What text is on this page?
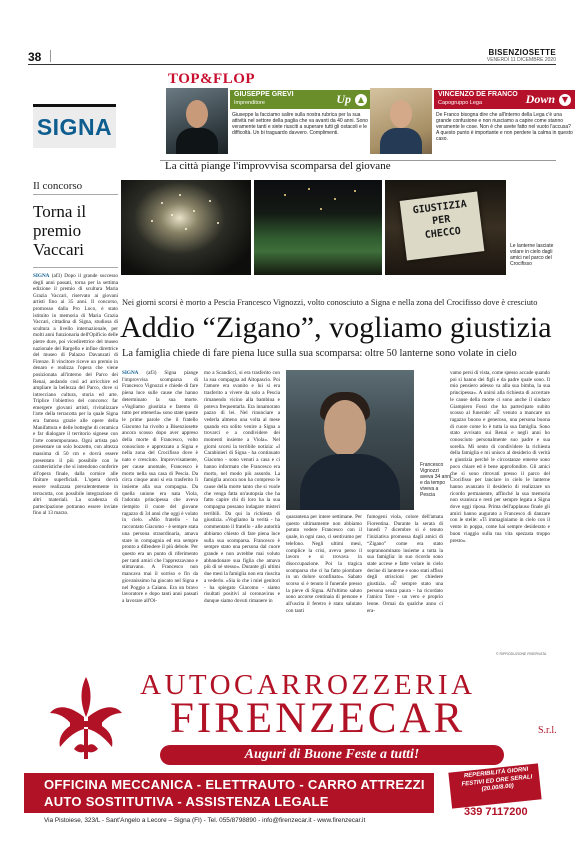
38	BISENZIOSETTE
VENERDÌ 11 DICEMBRE 2020
SIGNA
TOP&FLOP
GIUSEPPE GREVI
Imprenditore	Up ▲
Giuseppe la facciamo salire sulla nostra rubrica per la sua attività nel settore della paglia che va avanti da 40 anni. Sono veramente tanti e siete riusciti a superare tutti gli ostacoli e le difficoltà. Un bi traguardo davvero. Complimenti.
VINCENZO DE FRANCO
Capogruppo Lega	Down ▼
De Franco bisogna dire che all'interno della Lega c'è una grande confusione e non riusciamo a capire come stanno veramente le cose. Non è che avete fatto nel vuoto l'accusa? A questo punto è importante e non perdere la calma in questo caso.
La città piange l'improvvisa scomparsa del giovane
Il concorso
Torna il premio Vaccari
SIGNA (af3) Dopo il grande successo degli anni passati, torna per la settima edizione il premio di scultura Maria Grazia Vaccari, riservato ai giovani artisti fino ai 35 anni. Il concorso, promosso dalla Pro Loco, è stato istituito in memoria di Maria Grazia Vaccari, cittadina di Signa, studiosa di scultura a livello internazionale, per molti anni funzionaria dell'Opificio delle pietre dure, poi vicedirettrice del museo nazionale del Bargello e infine direttrice del museo di Palazzo Davanzati di Firenze. Il vincitore riceve un premio in denaro e realizza l'opera che viene posizionata all'interno del Parco dei Renai, andando così ad arricchire ed ampliare la bellezza del Parco, dove si intrecciano cultura, storia ed arte. Triplice l'obiettivo del concorso: far emergere giovani artisti, rivitalizzare l'arte della terracotta per la quale Signa era famosa grazie alle opere della Manifattura e delle botteghe di ceramica e far dialogare il territorio signese con l'arte contemporanea. Ogni artista può presentare un solo bozzetto, con altezza massima di 50 cm e dovrà essere presentato il più possibile con le caratteristiche che si intendono conferire all'opera finale, dalla cornice alle finiture superficiali. L'opera dovrà essere realizzata prevalentemente in terracotta, con possibile integrazione di altri materiali. La scadenza di partecipazione potranno essere inviate fino al 13 marzo.
GIUSTIZIA
PER
CHECCO
Le lanterne lasciate volare in cielo dagli amici nel parco del Crocifisso
Nei giorni scorsi è morto a Pescia Francesco Vignozzi, volto conosciuto a Signa e nella zona del Crocifisso dove è cresciuto
Addio “Zigano”, vogliamo giustizia
La famiglia chiede di fare piena luce sulla sua scomparsa: oltre 50 lanterne sono volate in cielo
SIGNA (af3) Signa piange l'improvvisa scomparsa di Francesco Vignozzi e chiede di fare piena luce sulle cause che hanno determinato la sua morte. «Vogliamo giustizia e faremo di tutto per ottenerla» sono state queste le prime parole che il fratello Giacomo ha rivolto a Bisenziosette ancora scosso dopo aver appreso della morte di Francesco, volto conosciuto e apprezzato a Signa e nella zona del Crocifisso dove è nato e cresciuto. Improvvisamente, per cause anomale, Francesco è morto nella sua casa di Pescia. Da circa cinque anni si era trasferito lì insieme alla sua compagna. Da quella unione era nata Viola, l'adorata principessa che aveva riempito il cuore del giovane ragazzo di 34 anni che oggi è volato in cielo. «Mio fratello - ha raccontato Giacomo - è sempre stata una persona straordinaria, amava stare in compagnia ed era sempre pronto a difendere il più debole. Per questo era un punto di riferimento per tanti amici che l'apprezzavano e stimavano. A Francesco non mancava mai il sorriso e fin da giovanissimo ha giocato nel Signa e nel Poggio a Caiano. Era un bravo lavoratore e dopo tanti anni passati a lavorare all'Ol-
mo a Scandicci, si era trasferito con la sua compagna ad Altopascio. Poi l'amore era svanito e lui si era trasferito a vivere da solo a Pescia rimanendo vicino alla bambina e poteva frequentarla. Era innamorato pazzo di lei. Nel rinunciare a vederla almeno una volta al mese quando era solito venire a Signa a trovarci e a condividere dei momenti insieme a Viola». Nel giorni scorsi la terribile notizia: «I Carabinieri di Signa - ha continuato Giacomo - sono venuti a casa e ci hanno informato che Francesco era morto, nel modo più assurdo. La famiglia ancora non ha compreso le cause della morte tanto che si vuole che venga fatta un'autopsia che ha fatto capire chi di loro ha la sua compagna possano indagare misteri terribili. Da qui la richiesta di giustizia. «Vogliamo la verità - ha commentato il fratello - alle autorità abbiamo chiesto di fare piena luce sulla sua scomparsa. Francesco è sempre stato una persona dal cuore grande e non avrebbe mai voluto abbandonare sua figlia che amava più di sé stesso». Durante gli ultimi due mesi la famiglia non era riuscita a vederlo. «Sia io che i miei genitori - ha spiegato Giacomo - siamo risultati positivi al coronavirus e dunque siamo dovuti rimanere in
Francesco Vignozzi aveva 34 anni e da tempo viveva a Pescia
quarantena per intere settimane. Per questo ultimamente non abbiamo potuto vedere Francesco con il quale, in ogni caso, ci sentivamo per telefono. Negli ultimi mesi, complice la crisi, aveva perso il lavoro e si trovava in disoccupazione. Poi la tragica scomparsa che ci ha fatto piombare in un dolore sconfinato». Sabato scorso si è tenuto il funerale presso la pieve di Signa. All'ultimo saluto sono accorse centinaia di persone e all'uscita il feretro è stato salutato con tanti
fumogeni viola, colore dell'amata Fiorentina. Durante la serata di lunedì 7 dicembre si è tenuto l'iniziativa promossa dagli amici di “Zigano” come era stato soprannominato insieme a tutta la sua famiglia: in suo ricordo sono state accese e fatte volare in cielo decine di lanterne e sono stati affissi degli striscioni per chiedere giustizia. «È' sempre stato una persona senza paura - ha ricordato l'amico Tore - un vero e proprio leone. Ormai da qualche anno ci era-
vamo persi di vista, come spesso accade quando poi si hanno dei figli e da padre quale sono. Il mio pensiero adesso va alla sua bimba, la sua principessa». A unirsi alla richiesta di accertare le cause della morte ci sono anche il sindaco Giampiero Fossi che ha partecipato subito scosso al funerale: «È' venuto a mancare un ragazzo buono e generoso, una persona buona di cuore come lo è tutta la sua famiglia. Sono stato avvisato sui Renai e negli anni ho conosciuto personalmente suo padre e sua sorella. Mi sento di condividere la richiesta della famiglia e mi unisco al desiderio di verità e giustizia perché le circostanze emerse sono poco chiare ed è bene approfondire. Gli amici che si sono ritrovati presso il parco del Crocifisso per lanciare in cielo le lanterne hanno avanzato il desiderio di realizzare un ricordo permanente, affinché la sua memoria non svanisca e resti per sempre legata a Signa dove oggi riposa. Prima dell'applauso finale gli amici hanno augurato a Francesco di danzare con le stelle: «Ti immaginiamo in cielo con il vento in poppa, come hai sempre desiderato e buon viaggio sulla tua vita spezzata troppo presto».
© RIPRODUZIONE RISERVATA
AUTOCARROZZERIA
FIRENZECAR	S.r.l.
Auguri di Buone Feste a tutti!
OFFICINA MECCANICA - ELETTRAUTO - CARRO ATTREZZI
AUTO SOSTITUTIVA - ASSISTENZA LEGALE
REPERIBILITÀ GIORNI FESTIVI ED ORE SERALI (20.00/8.00)
339 7117200
Via Pistoiese, 323/L - Sant'Angelo a Lecore – Signa (FI) - Tel. 055/8798890 - info@firenzecar.it - www.firenzecar.it
